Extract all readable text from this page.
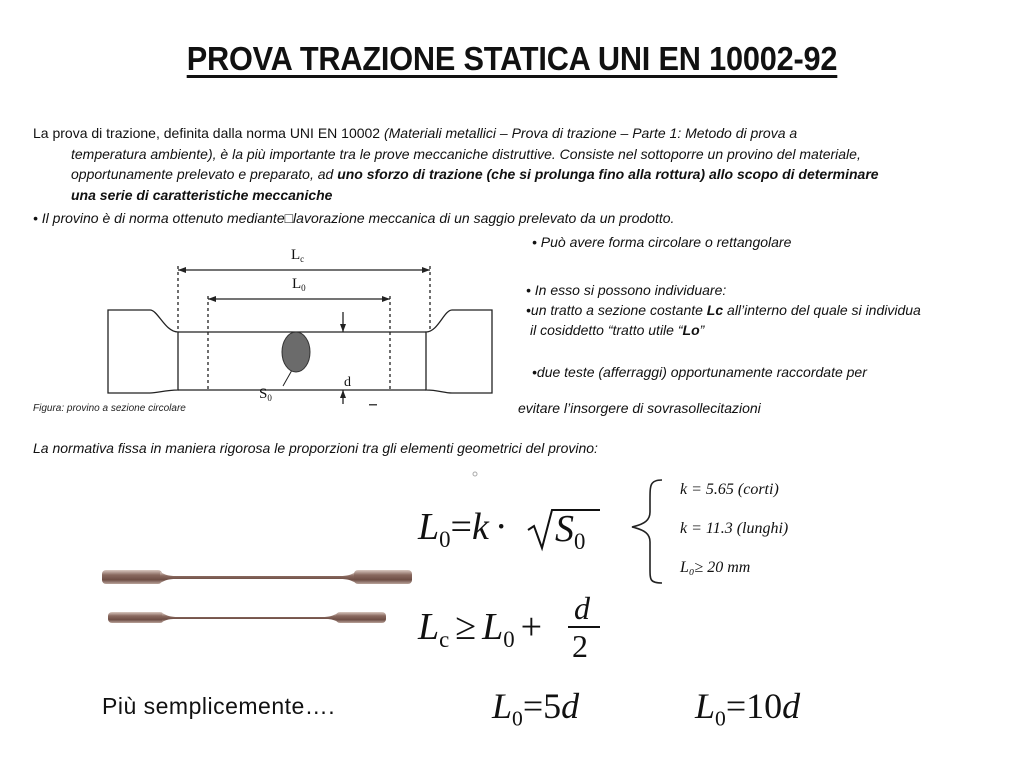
PROVA TRAZIONE STATICA UNI EN 10002-92
La prova di trazione, definita dalla norma UNI EN 10002 (Materiali metallici – Prova di trazione – Parte 1: Metodo di prova a
temperatura ambiente), è la più importante tra le prove meccaniche distruttive. Consiste nel sottoporre un provino del materiale,
opportunamente prelevato e preparato, ad uno sforzo di trazione (che si prolunga fino alla rottura) allo scopo di determinare
una serie di caratteristiche meccaniche
• Il provino è di norma ottenuto mediante□lavorazione meccanica di un saggio prelevato da un prodotto.
• Può avere forma circolare o rettangolare
• In esso si possono individuare:
•un tratto a sezione costante Lc all’interno del quale si individua
il cosiddetto “tratto utile “Lo”
•due teste (afferraggi) opportunamente raccordate per
evitare l’insorgere di sovrasollecitazioni
Figura: provino a sezione circolare
La normativa fissa in maniera rigorosa le proporzioni tra gli elementi geometrici del provino:
$L_c$
$L_0$
$S_0$
d
$L_0=k \cdot S_0$
k = 5.65 (corti)
k = 11.3 (lunghi)
L₀≥ 20 mm
$L_c \ge L_0 + d$
2
Più semplicemente….	$L_0=5d$	$L_0=10d$
